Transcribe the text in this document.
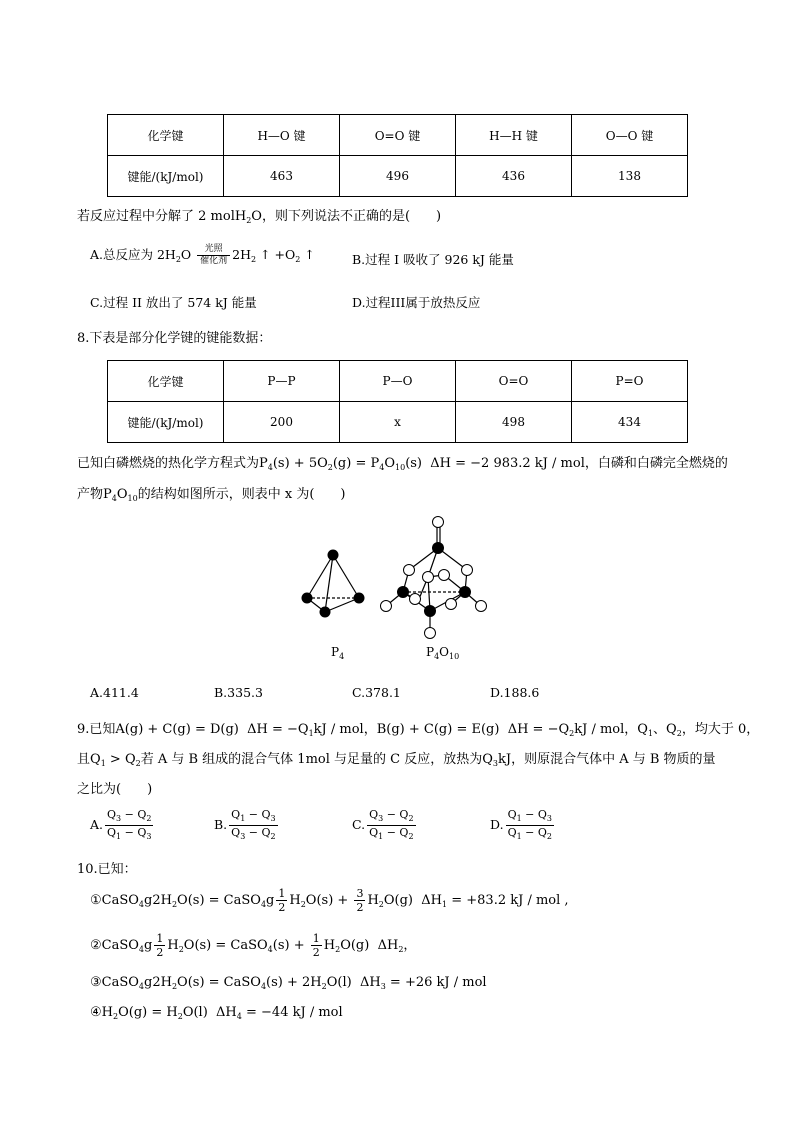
化学键	H—O 键	O=O 键	H—H 键	O—O 键
键能/(kJ/mol)	463	496	436	138
若反应过程中分解了 2 molH$_2$O，则下列说法不正确的是(　　)
A.总反应为 $2H_2O$	光照
催化剂 $2H_2$ ↑ $+O_2$ ↑	B.过程 I 吸收了 926 kJ 能量
C.过程 II 放出了 574 kJ 能量	D.过程III属于放热反应
8.下表是部分化学键的键能数据：
化学键	P—P	P—O	O=O	P=O
键能/(kJ/mol)	200	x	498	434
已知白磷燃烧的热化学方程式为$P_4(s) + 5O_2(g) = P_4O_{10}(s) \Delta H = -2$ 983.2 kJ / mol，白磷和白磷完全燃烧的
产物$P_4O_{10}$的结构如图所示，则表中 x 为(　　)
$P_4$	$P_4O_{10}$
A.411.4	B.335.3	C.378.1	D.188.6
9.已知A(g) + C(g) = D(g) $\Delta H = -Q_1kJ$ / mol，B(g) + C(g) = E(g) $\Delta H = -Q_2kJ$ / mol，$Q_1$、$Q_2$，均大于 0，
且$Q_1 > Q_2$若 A 与 B 组成的混合气体 1mol 与足量的 C 反应，放热为$Q_3kJ$，则原混合气体中 A 与 B 物质的量
之比为(　　)
A. $\frac{Q_3 - Q_2}{Q_1 - Q_3}$	B. $\frac{Q_1 - Q_3}{Q_3 - Q_2}$	C. $\frac{Q_3 - Q_2}{Q_1 - Q_2}$	D. $\frac{Q_1 - Q_3}{Q_1 - Q_2}$
10.已知：
$①CaSO_4g2H_2O(s)$ = CaSO$_4$g $\frac{1}{2} H_2O(s) + \frac{3}{2} H_2O(g) \Delta H_1 = +83.2$ kJ / mol ,
②CaSO$_4$g $\frac{1}{2} H_2O(s)$ = CaSO$_4$(s) + $\frac{1}{2} H_2O(g)$  $\Delta H_2$，
$③CaSO_4g2H_2O(s)$ = CaSO$_4$(s) + $2H_2O(l) \Delta H_3 = +26$ kJ / mol
$④H_2O(g) = H_2O(l) \Delta H_4 = -44$ kJ / mol
